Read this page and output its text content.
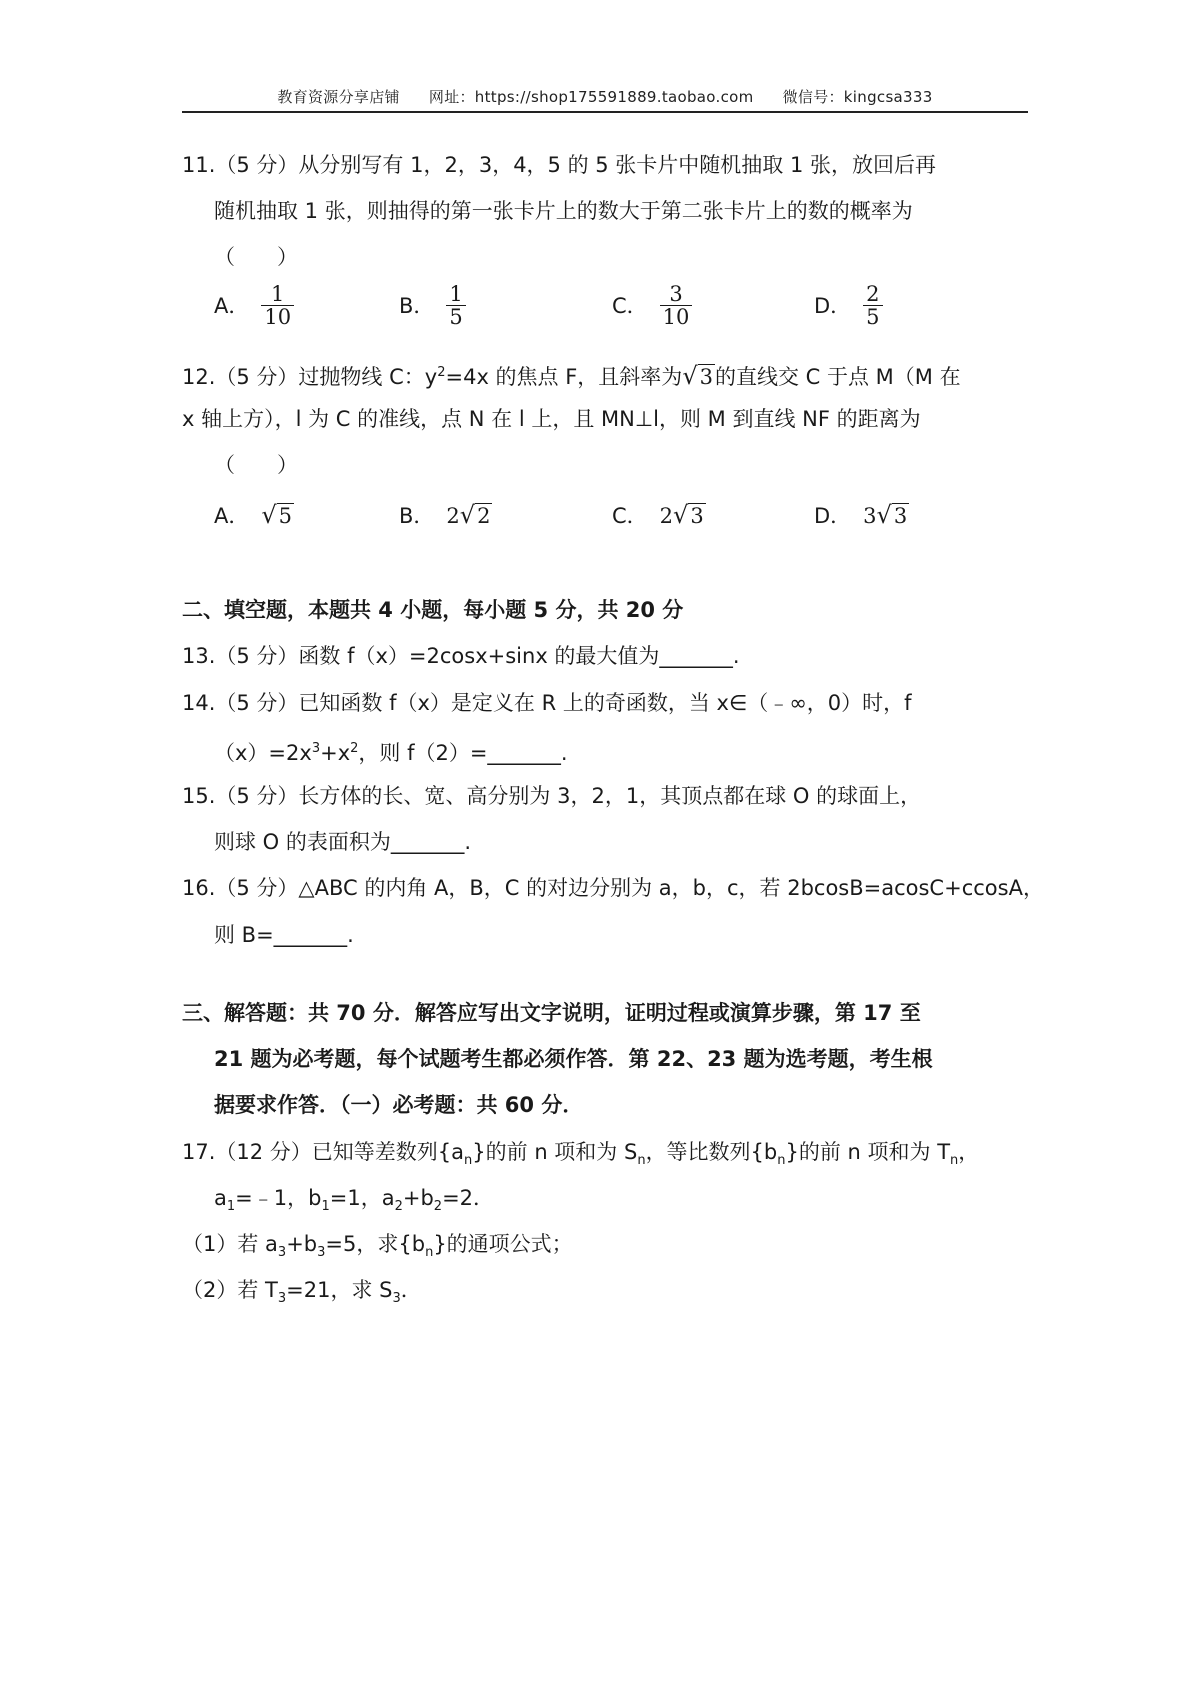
教育资源分享店铺 网址：https://shop175591889.taobao.com 微信号：kingcsa333
11.（5 分）从分别写有 1，2，3，4，5 的 5 张卡片中随机抽取 1 张，放回后再
随机抽取 1 张，则抽得的第一张卡片上的数大于第二张卡片上的数的概率为
（　　）
A． $\frac{1}{10}$	B． $\frac{1}{5}$	C． $\frac{3}{10}$	D． $\frac{2}{5}$
12.（5 分）过抛物线 C：$y^2=4x$ 的焦点 F，且斜率为√3的直线交 C 于点 M（M 在
x 轴上方），l 为 C 的准线，点 N 在 l 上，且 MN⊥l，则 M 到直线 NF 的距离为
（　　）
A． √5	B． 2√2	C． 2√3	D． 3√3
二、填空题，本题共 4 小题，每小题 5 分，共 20 分
13.（5 分）函数 f（x）=2cosx+sinx 的最大值为_______.
14.（5 分）已知函数 f（x）是定义在 R 上的奇函数，当 x∈（﹣∞，0）时，f
$(x)=2x^3+x^2$，则 f（2）=_______.
15.（5 分）长方体的长、宽、高分别为 3，2，1，其顶点都在球 O 的球面上，
则球 O 的表面积为_______.
16.（5 分）△ABC 的内角 A，B，C 的对边分别为 a，b，c，若 2bcosB=acosC+ccosA，
则 B=_______.
三、解答题：共 70 分．解答应写出文字说明，证明过程或演算步骤，第 17 至
21 题为必考题，每个试题考生都必须作答．第 22、23 题为选考题，考生根
据要求作答．（一）必考题：共 60 分．
17.（12 分）已知等差数列$\{a_n\}$的前 n 项和为 $S_n$，等比数列$\{b_n\}$的前 n 项和为 $T_n$，
$a_1=﹣1$，$b_1=1$，$a_2+b_2=2$．
（1）若 $a_3+b_3=5$，求$\{b_n\}$的通项公式；
（2）若 $T_3=21$，求 $S_3$．
